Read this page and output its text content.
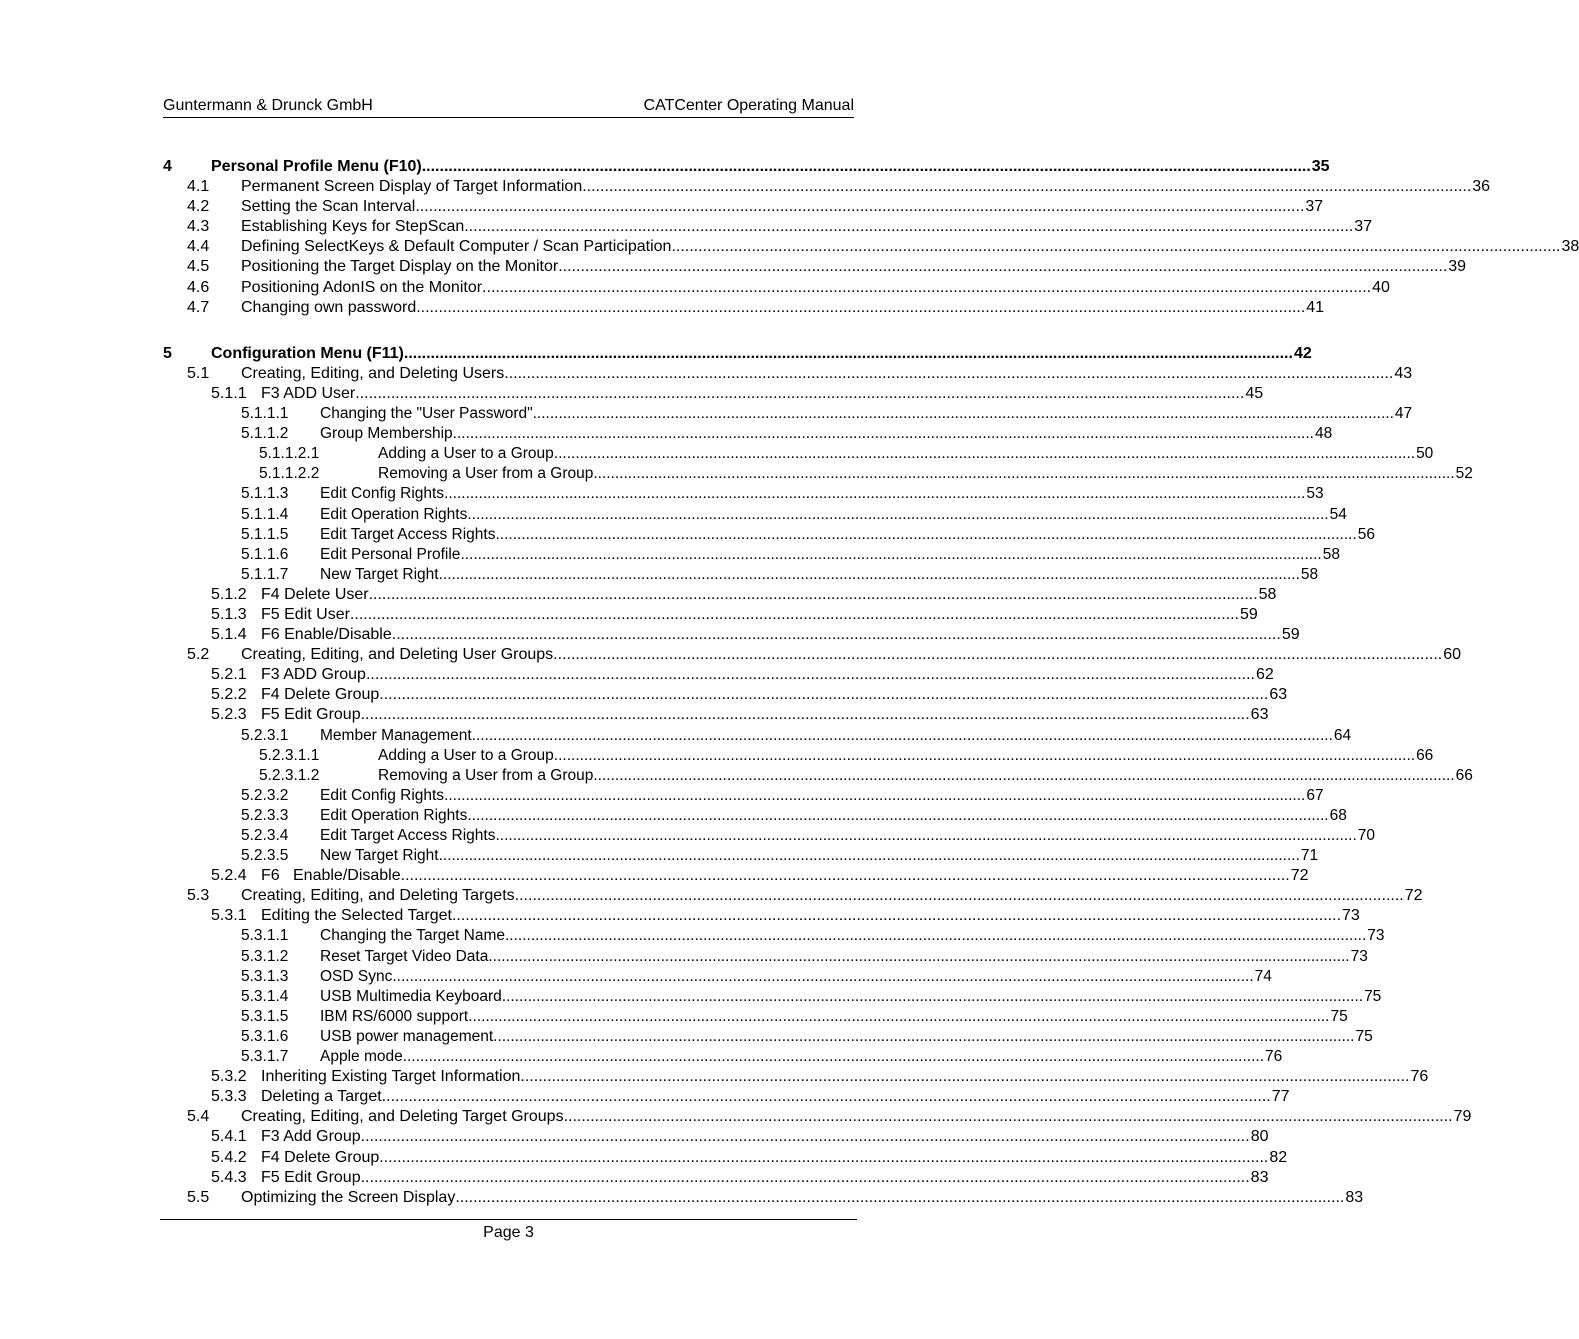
Guntermann & Drunck GmbH	CATCenter Operating Manual
4 Personal Profile Menu (F10) ........................................................................................................................................................................................................ 35
4.1 Permanent Screen Display of Target Information ........................................................................................................................................................................................................ 36
4.2 Setting the Scan Interval ........................................................................................................................................................................................................ 37
4.3 Establishing Keys for StepScan ........................................................................................................................................................................................................ 37
4.4 Defining SelectKeys & Default Computer / Scan Participation ........................................................................................................................................................................................................ 38
4.5 Positioning the Target Display on the Monitor ........................................................................................................................................................................................................ 39
4.6 Positioning AdonIS on the Monitor ........................................................................................................................................................................................................ 40
4.7 Changing own password ........................................................................................................................................................................................................ 41
5 Configuration Menu (F11) ........................................................................................................................................................................................................ 42
5.1 Creating, Editing, and Deleting Users ........................................................................................................................................................................................................ 43
5.1.1 F3 ADD User ........................................................................................................................................................................................................ 45
5.1.1.1 Changing the "User Password" ........................................................................................................................................................................................................ 47
5.1.1.2 Group Membership ........................................................................................................................................................................................................ 48
5.1.1.2.1	Adding a User to a Group ........................................................................................................................................................................................................ 50
5.1.1.2.2	Removing a User from a Group ........................................................................................................................................................................................................ 52
5.1.1.3 Edit Config Rights ........................................................................................................................................................................................................ 53
5.1.1.4 Edit Operation Rights ........................................................................................................................................................................................................ 54
5.1.1.5 Edit Target Access Rights ........................................................................................................................................................................................................ 56
5.1.1.6 Edit Personal Profile ........................................................................................................................................................................................................ 58
5.1.1.7 New Target Right ........................................................................................................................................................................................................ 58
5.1.2 F4 Delete User ........................................................................................................................................................................................................ 58
5.1.3 F5 Edit User ........................................................................................................................................................................................................ 59
5.1.4 F6 Enable/Disable ........................................................................................................................................................................................................ 59
5.2 Creating, Editing, and Deleting User Groups ........................................................................................................................................................................................................ 60
5.2.1 F3 ADD Group ........................................................................................................................................................................................................ 62
5.2.2 F4 Delete Group ........................................................................................................................................................................................................ 63
5.2.3 F5 Edit Group ........................................................................................................................................................................................................ 63
5.2.3.1 Member Management ........................................................................................................................................................................................................ 64
5.2.3.1.1	Adding a User to a Group ........................................................................................................................................................................................................ 66
5.2.3.1.2	Removing a User from a Group ........................................................................................................................................................................................................ 66
5.2.3.2 Edit Config Rights ........................................................................................................................................................................................................ 67
5.2.3.3 Edit Operation Rights ........................................................................................................................................................................................................ 68
5.2.3.4 Edit Target Access Rights ........................................................................................................................................................................................................ 70
5.2.3.5 New Target Right ........................................................................................................................................................................................................ 71
5.2.4 F6   Enable/Disable ........................................................................................................................................................................................................ 72
5.3 Creating, Editing, and Deleting Targets ........................................................................................................................................................................................................ 72
5.3.1 Editing the Selected Target ........................................................................................................................................................................................................ 73
5.3.1.1 Changing the Target Name ........................................................................................................................................................................................................ 73
5.3.1.2 Reset Target Video Data ........................................................................................................................................................................................................ 73
5.3.1.3 OSD Sync ........................................................................................................................................................................................................ 74
5.3.1.4 USB Multimedia Keyboard ........................................................................................................................................................................................................ 75
5.3.1.5 IBM RS/6000 support ........................................................................................................................................................................................................ 75
5.3.1.6 USB power management ........................................................................................................................................................................................................ 75
5.3.1.7 Apple mode ........................................................................................................................................................................................................ 76
5.3.2 Inheriting Existing Target Information ........................................................................................................................................................................................................ 76
5.3.3 Deleting a Target ........................................................................................................................................................................................................ 77
5.4 Creating, Editing, and Deleting Target Groups ........................................................................................................................................................................................................ 79
5.4.1 F3 Add Group ........................................................................................................................................................................................................ 80
5.4.2 F4 Delete Group ........................................................................................................................................................................................................ 82
5.4.3 F5 Edit Group ........................................................................................................................................................................................................ 83
5.5 Optimizing the Screen Display ........................................................................................................................................................................................................ 83
Page 3
